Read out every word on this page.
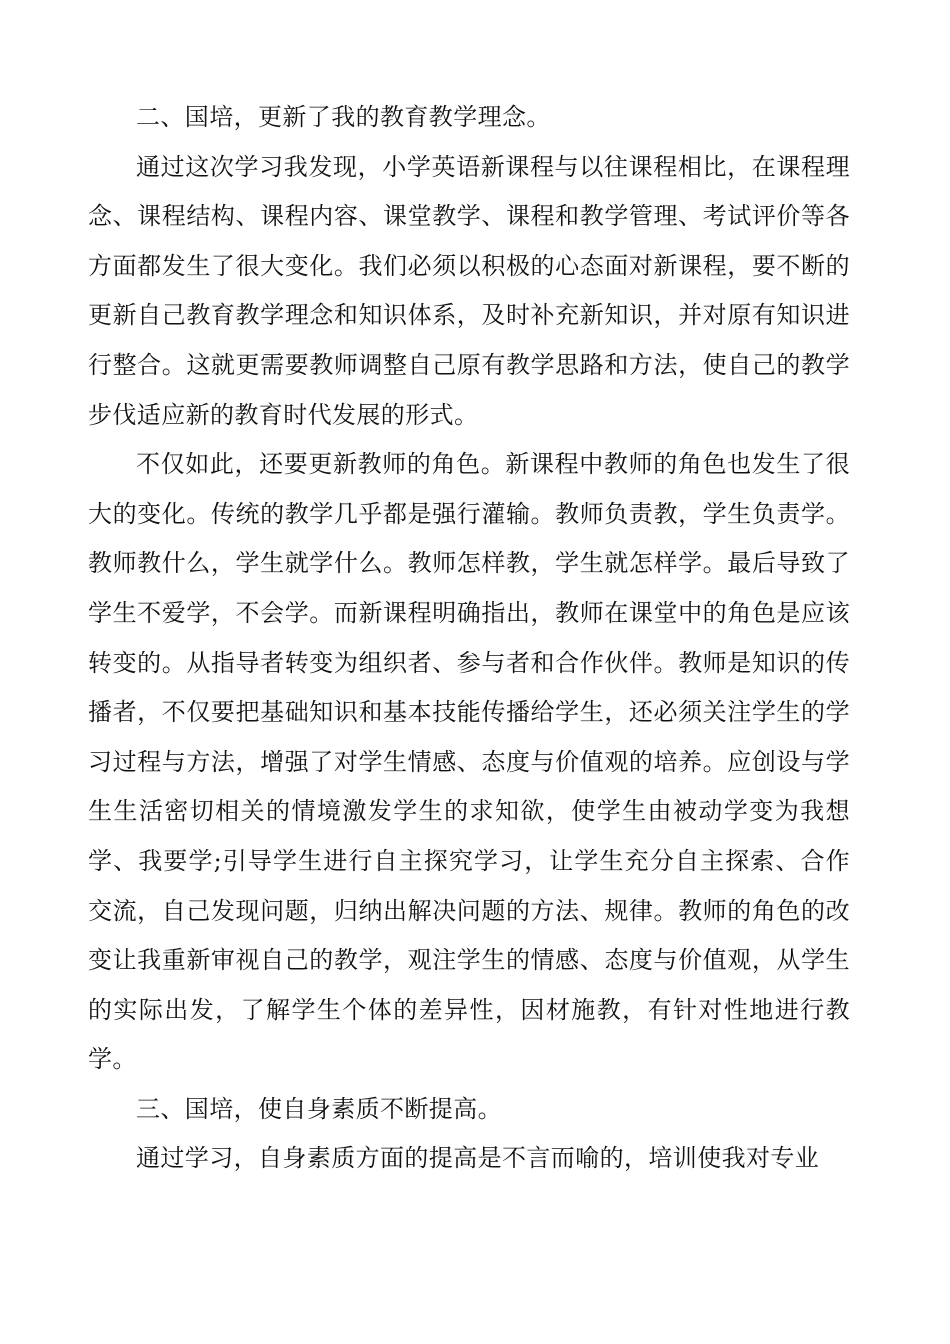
二、国培，更新了我的教育教学理念。

通过这次学习我发现，小学英语新课程与以往课程相比，在课程理念、课程结构、课程内容、课堂教学、课程和教学管理、考试评价等各方面都发生了很大变化。我们必须以积极的心态面对新课程，要不断的更新自己教育教学理念和知识体系，及时补充新知识，并对原有知识进行整合。这就更需要教师调整自己原有教学思路和方法，使自己的教学步伐适应新的教育时代发展的形式。

不仅如此，还要更新教师的角色。新课程中教师的角色也发生了很大的变化。传统的教学几乎都是强行灌输。教师负责教，学生负责学。教师教什么，学生就学什么。教师怎样教，学生就怎样学。最后导致了学生不爱学，不会学。而新课程明确指出，教师在课堂中的角色是应该转变的。从指导者转变为组织者、参与者和合作伙伴。教师是知识的传播者，不仅要把基础知识和基本技能传播给学生，还必须关注学生的学习过程与方法，增强了对学生情感、态度与价值观的培养。应创设与学生生活密切相关的情境激发学生的求知欲，使学生由被动学变为我想学、我要学;引导学生进行自主探究学习，让学生充分自主探索、合作交流，自己发现问题，归纳出解决问题的方法、规律。教师的角色的改变让我重新审视自己的教学，观注学生的情感、态度与价值观，从学生的实际出发，了解学生个体的差异性，因材施教，有针对性地进行教学。

三、国培，使自身素质不断提高。

通过学习，自身素质方面的提高是不言而喻的，培训使我对专业
